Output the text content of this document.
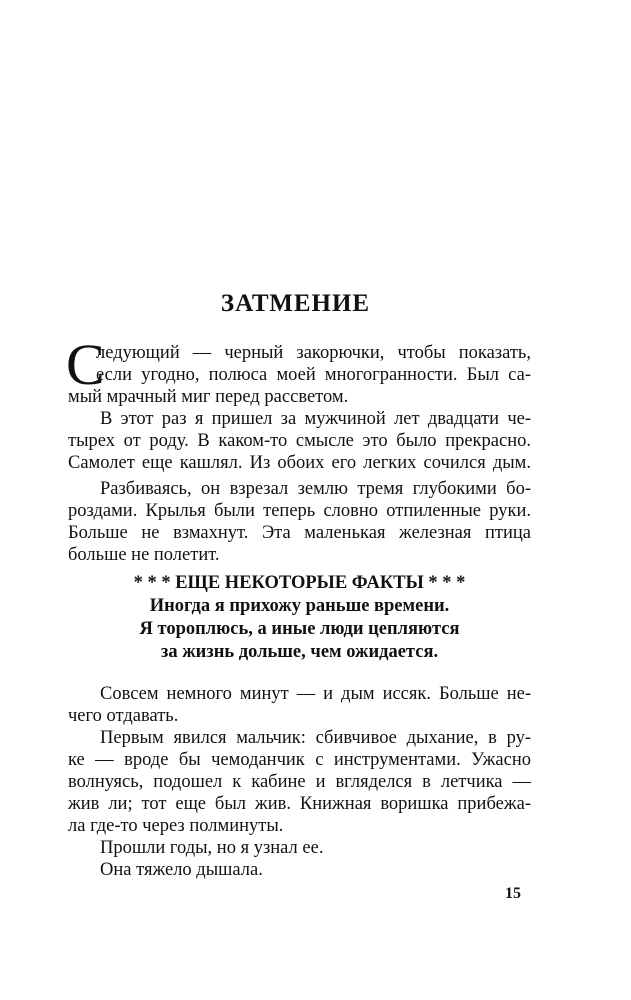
ЗАТМЕНИЕ
С
ледующий — черный закорючки, чтобы показать,
если угодно, полюса моей многогранности. Был са-
мый мрачный миг перед рассветом.
В этот раз я пришел за мужчиной лет двадцати че-
тырех от роду. В каком-то смысле это было прекрасно.
Самолет еще кашлял. Из обоих его легких сочился дым.
Разбиваясь, он взрезал землю тремя глубокими бо-
роздами. Крылья были теперь словно отпиленные руки.
Больше не взмахнут. Эта маленькая железная птица
больше не полетит.
* * * ЕЩЕ НЕКОТОРЫЕ ФАКТЫ * * *
Иногда я прихожу раньше времени.
Я тороплюсь, а иные люди цепляются
за жизнь дольше, чем ожидается.
Совсем немного минут — и дым иссяк. Больше не-
чего отдавать.
Первым явился мальчик: сбивчивое дыхание, в ру-
ке — вроде бы чемоданчик с инструментами. Ужасно
волнуясь, подошел к кабине и вгляделся в летчика —
жив ли; тот еще был жив. Книжная воришка прибежа-
ла где-то через полминуты.
Прошли годы, но я узнал ее.
Она тяжело дышала.
15
